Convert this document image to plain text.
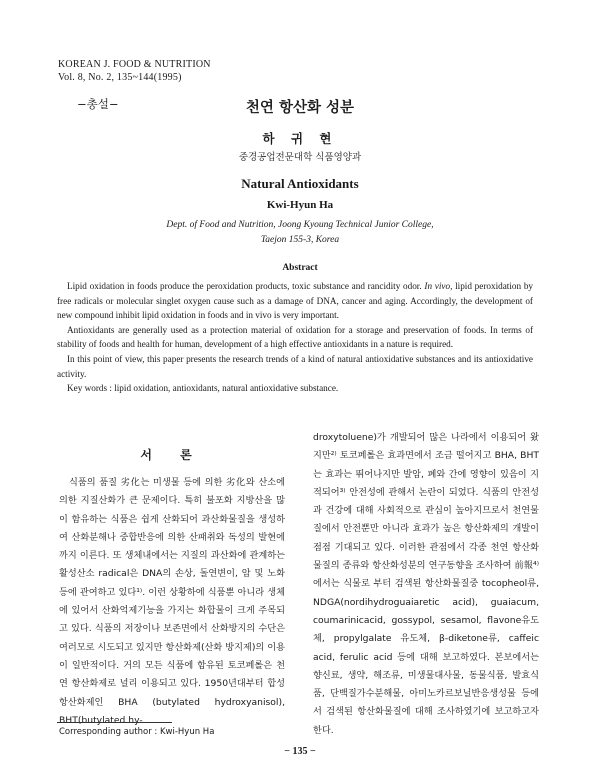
KOREAN J. FOOD & NUTRITION
Vol. 8, No. 2, 135~144(1995)
−총설−	천연 항산화 성분
하 귀 현
중경공업전문대학 식품영양과
Natural Antioxidants
Kwi-Hyun Ha
Dept. of Food and Nutrition, Joong Kyoung Technical Junior College,
Taejon 155-3, Korea
Abstract

Lipid oxidation in foods produce the peroxidation products, toxic substance and rancidity odor. In vivo, lipid peroxidation by free radicals or molecular singlet oxygen cause such as a damage of DNA, cancer and aging. Accordingly, the development of new compound inhibit lipid oxidation in foods and in vivo is very important.

Antioxidants are generally used as a protection material of oxidation for a storage and preservation of foods. In terms of stability of foods and health for human, development of a high effective antioxidants in a nature is required.

In this point of view, this paper presents the research trends of a kind of natural antioxidative substances and its antioxidative activity.

Key words : lipid oxidation, antioxidants, natural antioxidative substance.

서 론

식품의 품질 劣化는 미생물 등에 의한 劣化와 산소에의한 지질산화가 큰 문제이다. 특히 불포화 지방산을 많이 함유하는 식품은 쉽게 산화되어 과산화물질을 생성하여 산화분해나 중합반응에 의한 산패취와 독성의 발현에까지 이른다. 또 생체내에서는 지질의 과산화에 관계하는 활성산소 radical은 DNA의 손상, 돌연변이, 암 및 노화 등에 관여하고 있다¹⁾. 이런 상황하에 식품뿐 아니라 생체에 있어서 산화억제기능을 가지는 화합물이 크게 주목되고 있다. 식품의 저장이나 보존면에서 산화방지의 수단은 여러모로 시도되고 있지만 항산화제(산화 방지제)의 이용이 일반적이다. 거의 모든 식품에 함유된 토코페롤은 천연 항산화제로 널리 이용되고 있다. 1950년대부터 합성 항산화제인 BHA (butylated hydroxyanisol), BHT(butylated hy-

droxytoluene)가 개발되어 많은 나라에서 이용되어 왔지만²⁾ 토코페롤은 효과면에서 조금 떨어지고 BHA, BHT는 효과는 뛰어나지만 발암, 폐와 간에 영향이 있음이 지적되어³⁾ 안전성에 관해서 논란이 되었다. 식품의 안전성과 건강에 대해 사회적으로 관심이 높아지므로서 천연물질에서 안전뿐만 아니라 효과가 높은 항산화제의 개발이 점점 기대되고 있다. 이러한 관점에서 각종 천연 항산화물질의 종류와 항산화성분의 연구동향을 조사하여 前報⁴⁾에서는 식물로 부터 검색된 항산화물질중 tocopheol류, NDGA(nordihydroguaiaretic acid), guaiacum, coumarinicacid, gossypol, sesamol, flavone유도체, propylgalate 유도체, β-diketone류, caffeic acid, ferulic acid 등에 대해 보고하였다. 본보에서는 향신료, 생약, 해조류, 미생물대사물, 동물식품, 발효식품, 단백질가수분해물, 아미노카르보닐반응생성물 등에서 검색된 항산화물질에 대해 조사하였기에 보고하고자 한다.

Corresponding author : Kwi-Hyun Ha
− 135 −
